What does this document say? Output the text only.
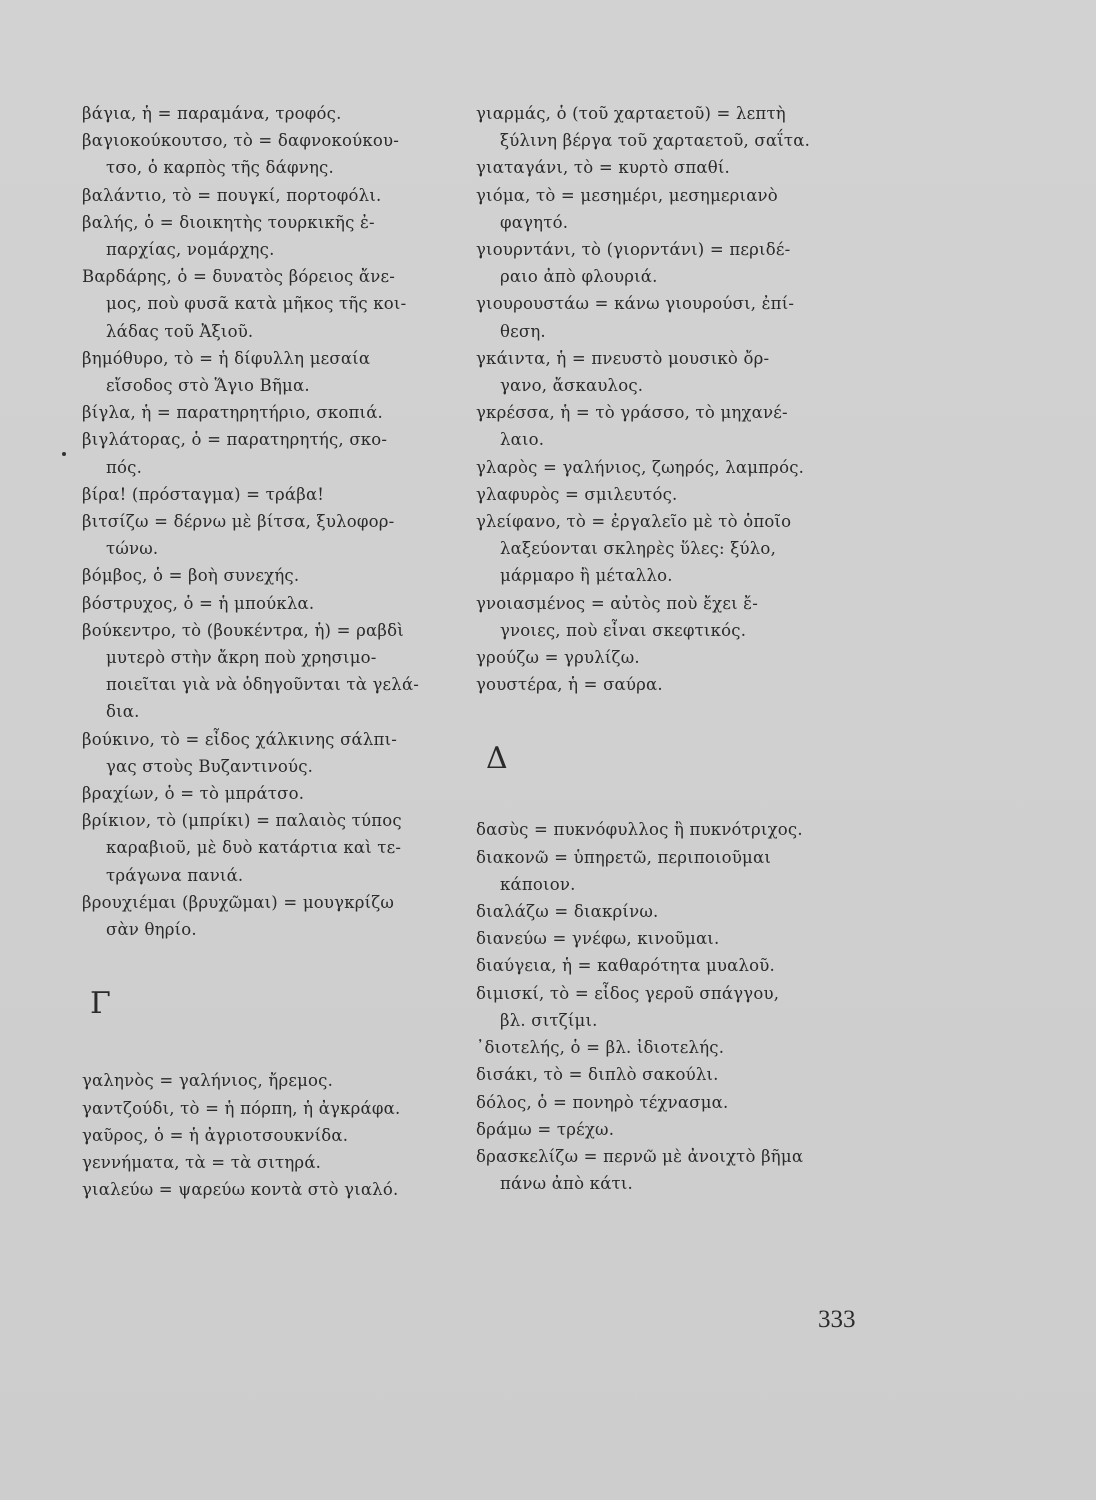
βάγια, ἡ = παραμάνα, τροφός.
βαγιοκούκουτσο, τὸ = δαφνοκούκου-
τσο, ὁ καρπὸς τῆς δάφνης.
βαλάντιο, τὸ = πουγκί, πορτοφόλι.
βαλής, ὁ = διοικητὴς τουρκικῆς ἐ-
παρχίας, νομάρχης.
Βαρδάρης, ὁ = δυνατὸς βόρειος ἄνε-
μος, ποὺ φυσᾶ κατὰ μῆκος τῆς κοι-
λάδας τοῦ Ἀξιοῦ.
βημόθυρο, τὸ = ἡ δίφυλλη μεσαία
εἴσοδος στὸ Ἅγιο Βῆμα.
βίγλα, ἡ = παρατηρητήριο, σκοπιά.
βιγλάτορας, ὁ = παρατηρητής, σκο-
πός.
βίρα! (πρόσταγμα) = τράβα!
βιτσίζω = δέρνω μὲ βίτσα, ξυλοφορ-
τώνω.
βόμβος, ὁ = βοὴ συνεχής.
βόστρυχος, ὁ = ἡ μπούκλα.
βούκεντρο, τὸ (βουκέντρα, ἡ) = ραβδὶ
μυτερὸ στὴν ἄκρη ποὺ χρησιμο-
ποιεῖται γιὰ νὰ ὁδηγοῦνται τὰ γελά-
δια.
βούκινο, τὸ = εἶδος χάλκινης σάλπι-
γας στοὺς Βυζαντινούς.
βραχίων, ὁ = τὸ μπράτσο.
βρίκιον, τὸ (μπρίκι) = παλαιὸς τύπος
καραβιοῦ, μὲ δυὸ κατάρτια καὶ τε-
τράγωνα πανιά.
βρουχιέμαι (βρυχῶμαι) = μουγκρίζω
σὰν θηρίο.
Γ
γαληνὸς = γαλήνιος, ἤρεμος.
γαντζούδι, τὸ = ἡ πόρπη, ἡ ἀγκράφα.
γαῦρος, ὁ = ἡ ἀγριοτσουκνίδα.
γεννήματα, τὰ = τὰ σιτηρά.
γιαλεύω = ψαρεύω κοντὰ στὸ γιαλό.
γιαρμάς, ὁ (τοῦ χαρταετοῦ) = λεπτὴ
ξύλινη βέργα τοῦ χαρταετοῦ, σαΐτα.
γιαταγάνι, τὸ = κυρτὸ σπαθί.
γιόμα, τὸ = μεσημέρι, μεσημεριανὸ
φαγητό.
γιουρντάνι, τὸ (γιορντάνι) = περιδέ-
ραιο ἀπὸ φλουριά.
γιουρουστάω = κάνω γιουρούσι, ἐπί-
θεση.
γκάιντα, ἡ = πνευστὸ μουσικὸ ὄρ-
γανο, ἄσκαυλος.
γκρέσσα, ἡ = τὸ γράσσο, τὸ μηχανέ-
λαιο.
γλαρὸς = γαλήνιος, ζωηρός, λαμπρός.
γλαφυρὸς = σμιλευτός.
γλείφανο, τὸ = ἐργαλεῖο μὲ τὸ ὁποῖο
λαξεύονται σκληρὲς ὕλες: ξύλο,
μάρμαρο ἢ μέταλλο.
γνοιασμένος = αὐτὸς ποὺ ἔχει ἔ-
γνοιες, ποὺ εἶναι σκεφτικός.
γρούζω = γρυλίζω.
γουστέρα, ἡ = σαύρα.
Δ
δασὺς = πυκνόφυλλος ἢ πυκνότριχος.
διακονῶ = ὑπηρετῶ, περιποιοῦμαι
κάποιον.
διαλάζω = διακρίνω.
διανεύω = γνέφω, κινοῦμαι.
διαύγεια, ἡ = καθαρότητα μυαλοῦ.
διμισκί, τὸ = εἶδος γεροῦ σπάγγου,
βλ. σιτζίμι.
᾽διοτελής, ὁ = βλ. ἰδιοτελής.
δισάκι, τὸ = διπλὸ σακούλι.
δόλος, ὁ = πονηρὸ τέχνασμα.
δράμω = τρέχω.
δρασκελίζω = περνῶ μὲ ἀνοιχτὸ βῆμα
πάνω ἀπὸ κάτι.
333
